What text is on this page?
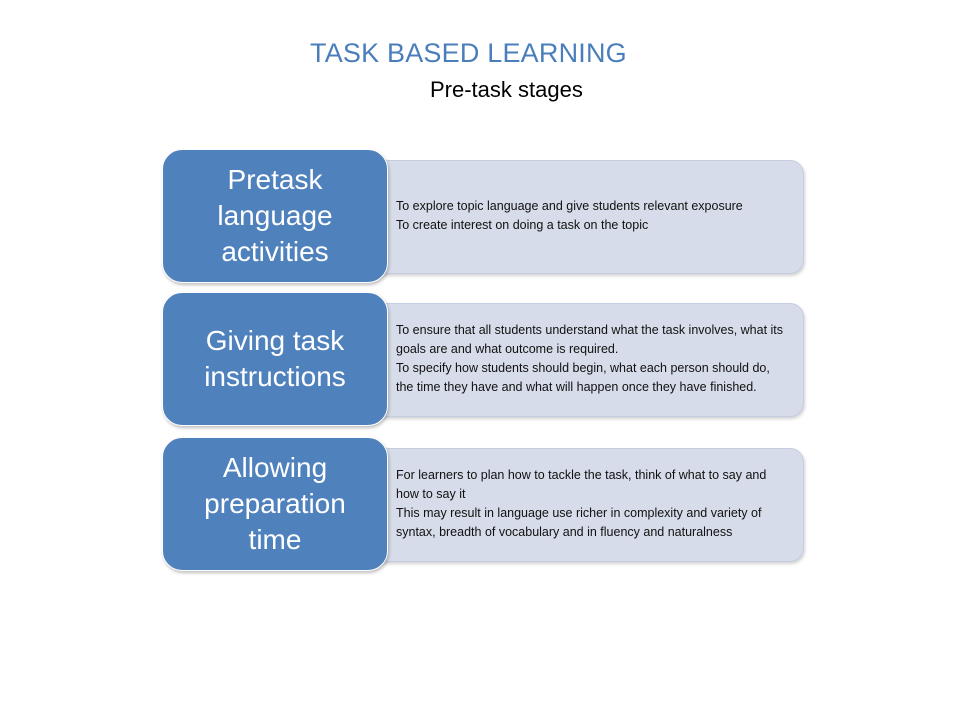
TASK BASED LEARNING
Pre-task stages
• To explore topic language and give students relevant exposure
• To create interest on doing a task on the topic
Pretask language activities
• To ensure that all students understand what the task involves, what its goals are and what outcome is required.
• To specify how students should begin, what each person should do, the time they have and what will happen once they have finished.
Giving task instructions
• For learners to plan how to tackle the task, think of what to say and how to say it
• This may result in language use richer in complexity and variety of syntax, breadth of vocabulary and in fluency and naturalness
Allowing preparation time
